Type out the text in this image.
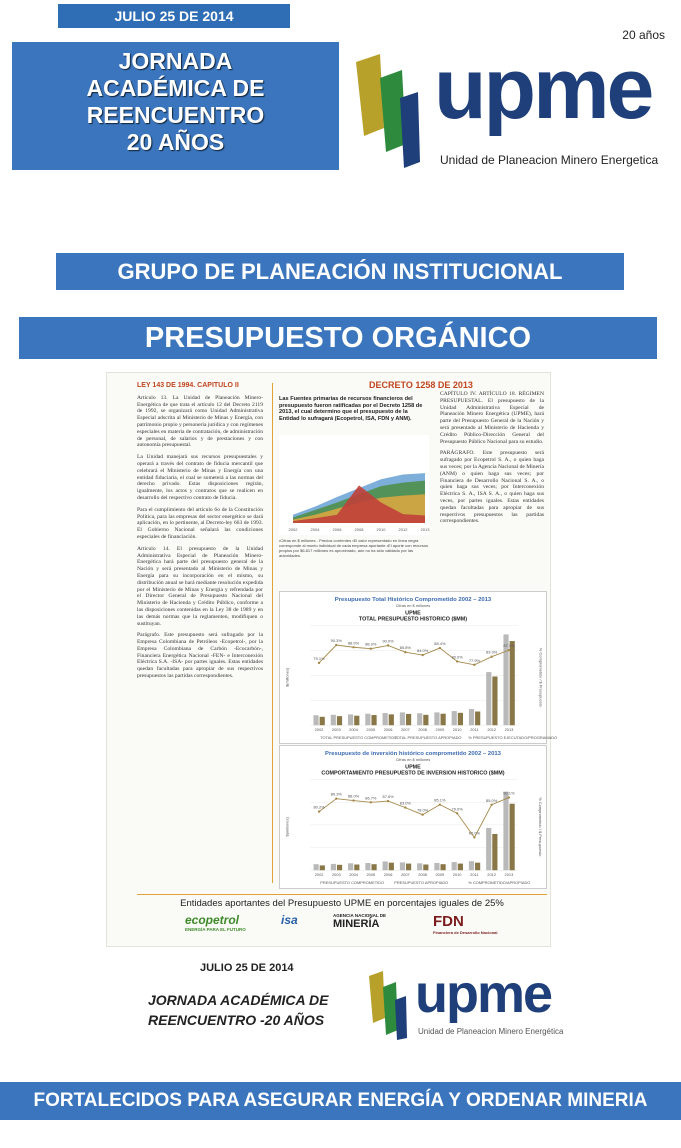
JULIO 25 DE 2014
JORNADA
ACADÉMICA DE
REENCUENTRO
20 AÑOS
upme
20 años
Unidad de Planeacion Minero Energetica
GRUPO DE PLANEACIÓN INSTITUCIONAL
PRESUPUESTO ORGÁNICO
LEY 143 DE 1994. CAPITULO II

Artículo 13. La Unidad de Planeación Minero-Energética de que trata el artículo 12 del Decreto 2119 de 1992, se organizará como Unidad Administrativa Especial adscrita al Ministerio de Minas y Energía, con patrimonio propio y personería jurídica y con regímenes especiales en materia de contratación, de administración de personal, de salarios y de prestaciones y con autonomía presupuestal.

La Unidad manejará sus recursos presupuestales y operará a través del contrato de fiducia mercantil que celebrará el Ministerio de Minas y Energía con una entidad fiduciaria, el cual se someterá a las normas del derecho privado. Estas disposiciones regirán, igualmente, los actos y contratos que se realicen en desarrollo del respectivo contrato de fiducia.

Para el cumplimiento del artículo 6o de la Constitución Política, para las empresas del sector energético se dará aplicación, en lo pertinente, al Decreto-ley 663 de 1993. El Gobierno Nacional señalará las condiciones especiales de financiación.

Artículo 14. El presupuesto de la Unidad Administrativa Especial de Planeación Minero-Energética hará parte del presupuesto general de la Nación y será presentado al Ministerio de Minas y Energía para su incorporación en el mismo, su distribución anual se hará mediante resolución expedida por el Ministerio de Minas y Energía y refrendada por el Director General de Presupuesto Nacional del Ministerio de Hacienda y Crédito Público, conforme a las disposiciones contenidas en la Ley 38 de 1989 y en las demás normas que la reglamenten, modifiquen o sustituyan.

Parágrafo. Este presupuesto será sufragado por la Empresa Colombiana de Petróleos -Ecopetrol-, por la Empresa Colombiana de Carbón -Ecocarbón-, Financiera Energética Nacional -FEN- e Interconexión Eléctrica S.A. -ISA- por partes iguales. Estas entidades quedan facultadas para apropiar de sus respectivos presupuestos las partidas correspondientes.

DECRETO 1258 DE 2013
Las Fuentes primarias de recursos financieros del presupuesto fueron ratificadas por el Decreto 1258 de 2013, el cual determino que el presupuesto de la Entidad lo sufragará (Ecopetrol, ISA, FDN y ANM).

CAPÍTULO IV. ARTÍCULO 18. RÉGIMEN PRESUPUESTAL. El presupuesto de la Unidad Administrativa Especial de Planeación Minero Energética (UPME), hará parte del Presupuesto General de la Nación y será presentado al Ministerio de Hacienda y Crédito Público-Dirección General del Presupuesto Público Nacional para su estudio.

PARÁGRAFO. Este presupuesto será sufragado por Ecopetrol S. A., o quien haga sus veces; por la Agencia Nacional de Minería (ANM) o quien haga sus veces; por Financiera de Desarrollo Nacional S. A., o quien haga sus veces; por Interconexión Eléctrica S. A., ISA S. A., o quien haga sus veces, por partes iguales. Estas entidades quedan facultadas para apropiar de sus respectivos presupuestos las partidas correspondientes.

2002	2004	2006	2008	2010	2012	2013
•Cifras en $ millones - Precios corrientes •El valor representado en línea negra corresponde al monto individual de cada empresa aportante •El aporte con recursos propios por $6.817 millones es aproximado, aún no ha sido validado por las autoridades.
Presupuesto Total Histórico Comprometido 2002 – 2013
Cifras en $ millones
UPME
TOTAL PRESUPUESTO HISTORICO ($MM)
$(millones)	% Comprometido / $ Presupuesto
2002 2003 2004 2005 2006 2007 2008 2009 2010 2011 2012 2013
79.1%
90.3% 88.9% 88.0%
90.0%
85.8%
84.0%
88.4%
80.0%
77.9%
83.0%
87.1%
TOTAL PRESUPUESTO COMPROMETIDO
TOTAL PRESUPUESTO APROPIADO % PRESUPUESTO EJECUTADO/PROGRAMADO
Presupuesto de inversión histórico comprometido 2002 – 2013
Cifras en $ millones
UPME
COMPORTAMIENTO PRESUPUESTO DE INVERSION HISTORICO ($MM)
$(millones)	% Comprometido / $ Presupuesto
2002 2003 2004 2005 2006 2007 2008 2009 2010 2011 2012 2013
80.2%
89.3% 88.0% 86.7% 87.6%
83.0%
78.0%
85.1%
79.0%
62.0%
85.0%
90.1%
PRESUPUESTO COMPROMETIDO	PRESUPUESTO APROPIADO	% COMPROMETIDO/APROPIADO
Entidades aportantes del Presupuesto UPME en porcentajes iguales de 25%
ecopetrol
ENERGÍA PARA EL FUTURO
isa	AGENCIA NACIONAL DE
MINERÍA	FDN
Financiera de Desarrollo Nacional
JULIO 25 DE 2014
JORNADA ACADÉMICA DE REENCUENTRO -20 AÑOS	upme
Unidad de Planeacion Minero Energética
FORTALECIDOS PARA ASEGURAR ENERGÍA Y ORDENAR MINERIA
